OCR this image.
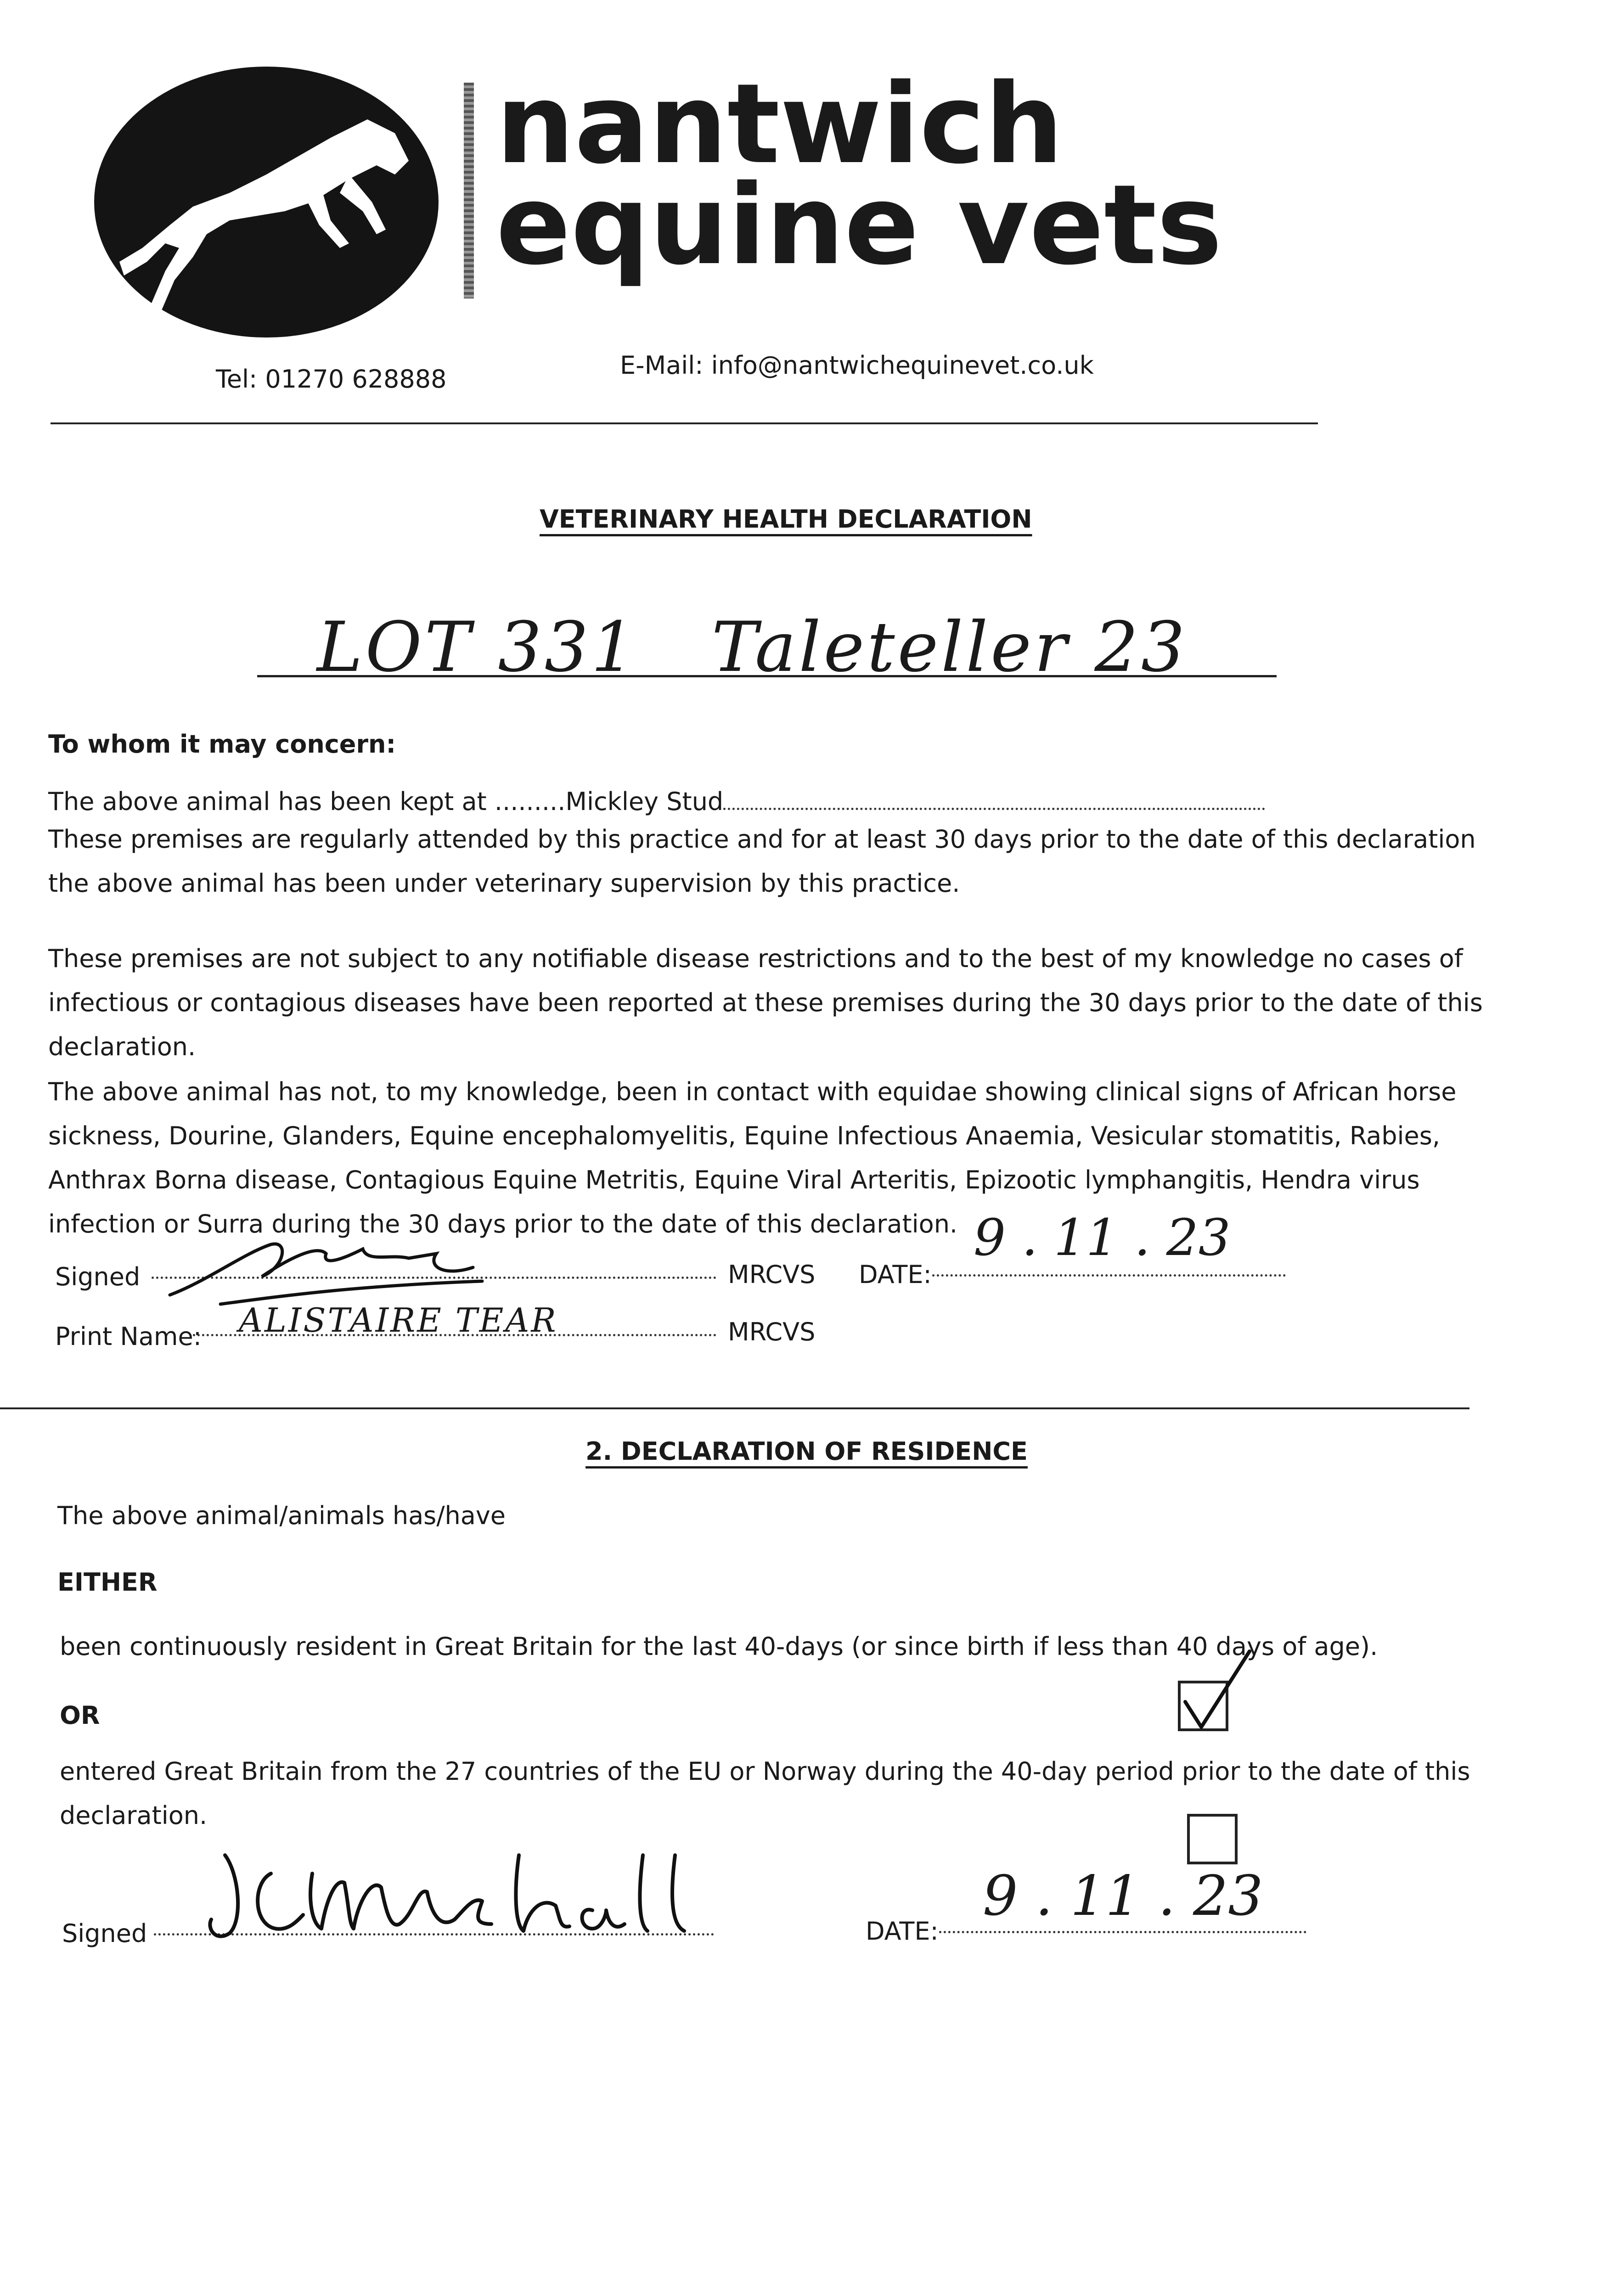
nantwich
equine vets
Tel: 01270 628888	E-Mail: info@nantwichequinevet.co.uk
VETERINARY HEALTH DECLARATION
LOT 331   Taleteller 23
To whom it may concern:
The above animal has been kept at .........Mickley Stud
These premises are regularly attended by this practice and for at least 30 days prior to the date of this declaration the above animal has been under veterinary supervision by this practice.
These premises are not subject to any notifiable disease restrictions and to the best of my knowledge no cases of infectious or contagious diseases have been reported at these premises during the 30 days prior to the date of this declaration.
The above animal has not, to my knowledge, been in contact with equidae showing clinical signs of African horse sickness, Dourine, Glanders, Equine encephalomyelitis, Equine Infectious Anaemia, Vesicular stomatitis, Rabies, Anthrax Borna disease, Contagious Equine Metritis, Equine Viral Arteritis, Epizootic lymphangitis, Hendra virus infection or Surra during the 30 days prior to the date of this declaration.
Signed	MRCVS DATE:
9 . 11 . 23
Print Name: ALISTAIRE TEAR	MRCVS
2. DECLARATION OF RESIDENCE
The above animal/animals has/have
EITHER
been continuously resident in Great Britain for the last 40-days (or since birth if less than 40 days of age).
OR
entered Great Britain from the 27 countries of the EU or Norway during the 40-day period prior to the date of this declaration.
Signed	DATE:
9 . 11 . 23
